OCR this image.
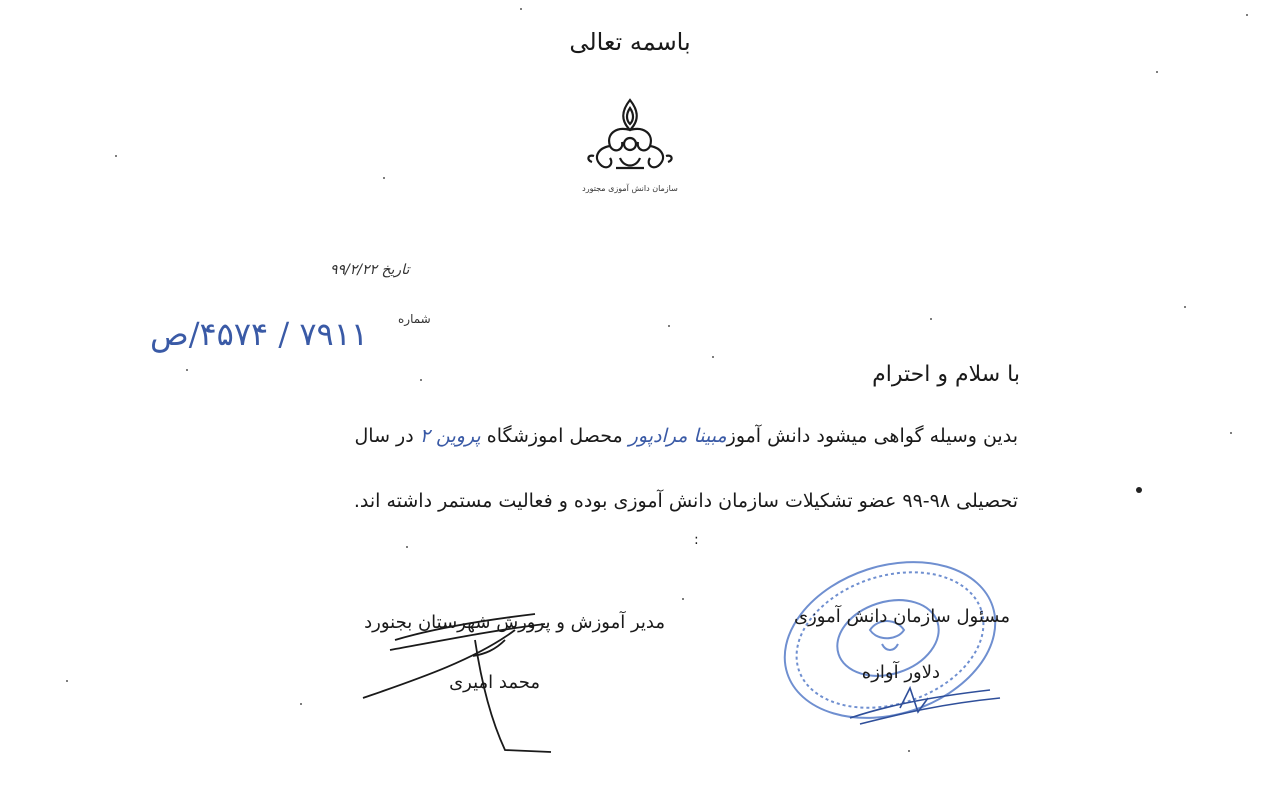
باسمه تعالی
سازمان دانش آموزی مجتورد
تاریخ ۹۹/۲/۲۲
شماره
۷۹۱۱ / ۴۵۷۴/ص
با سلام و احترام
بدین وسیله گواهی میشود دانش آموزمبینا مرادپور محصل اموزشگاه پروین ۲ در سال
تحصیلی ۹۸-۹۹ عضو تشکیلات سازمان دانش آموزی بوده و فعالیت مستمر داشته اند.
:
مسئول سازمان دانش آموزی
دلاور آوازه
مدیر آموزش و پرورش شهرستان بجنورد
محمد امیری
